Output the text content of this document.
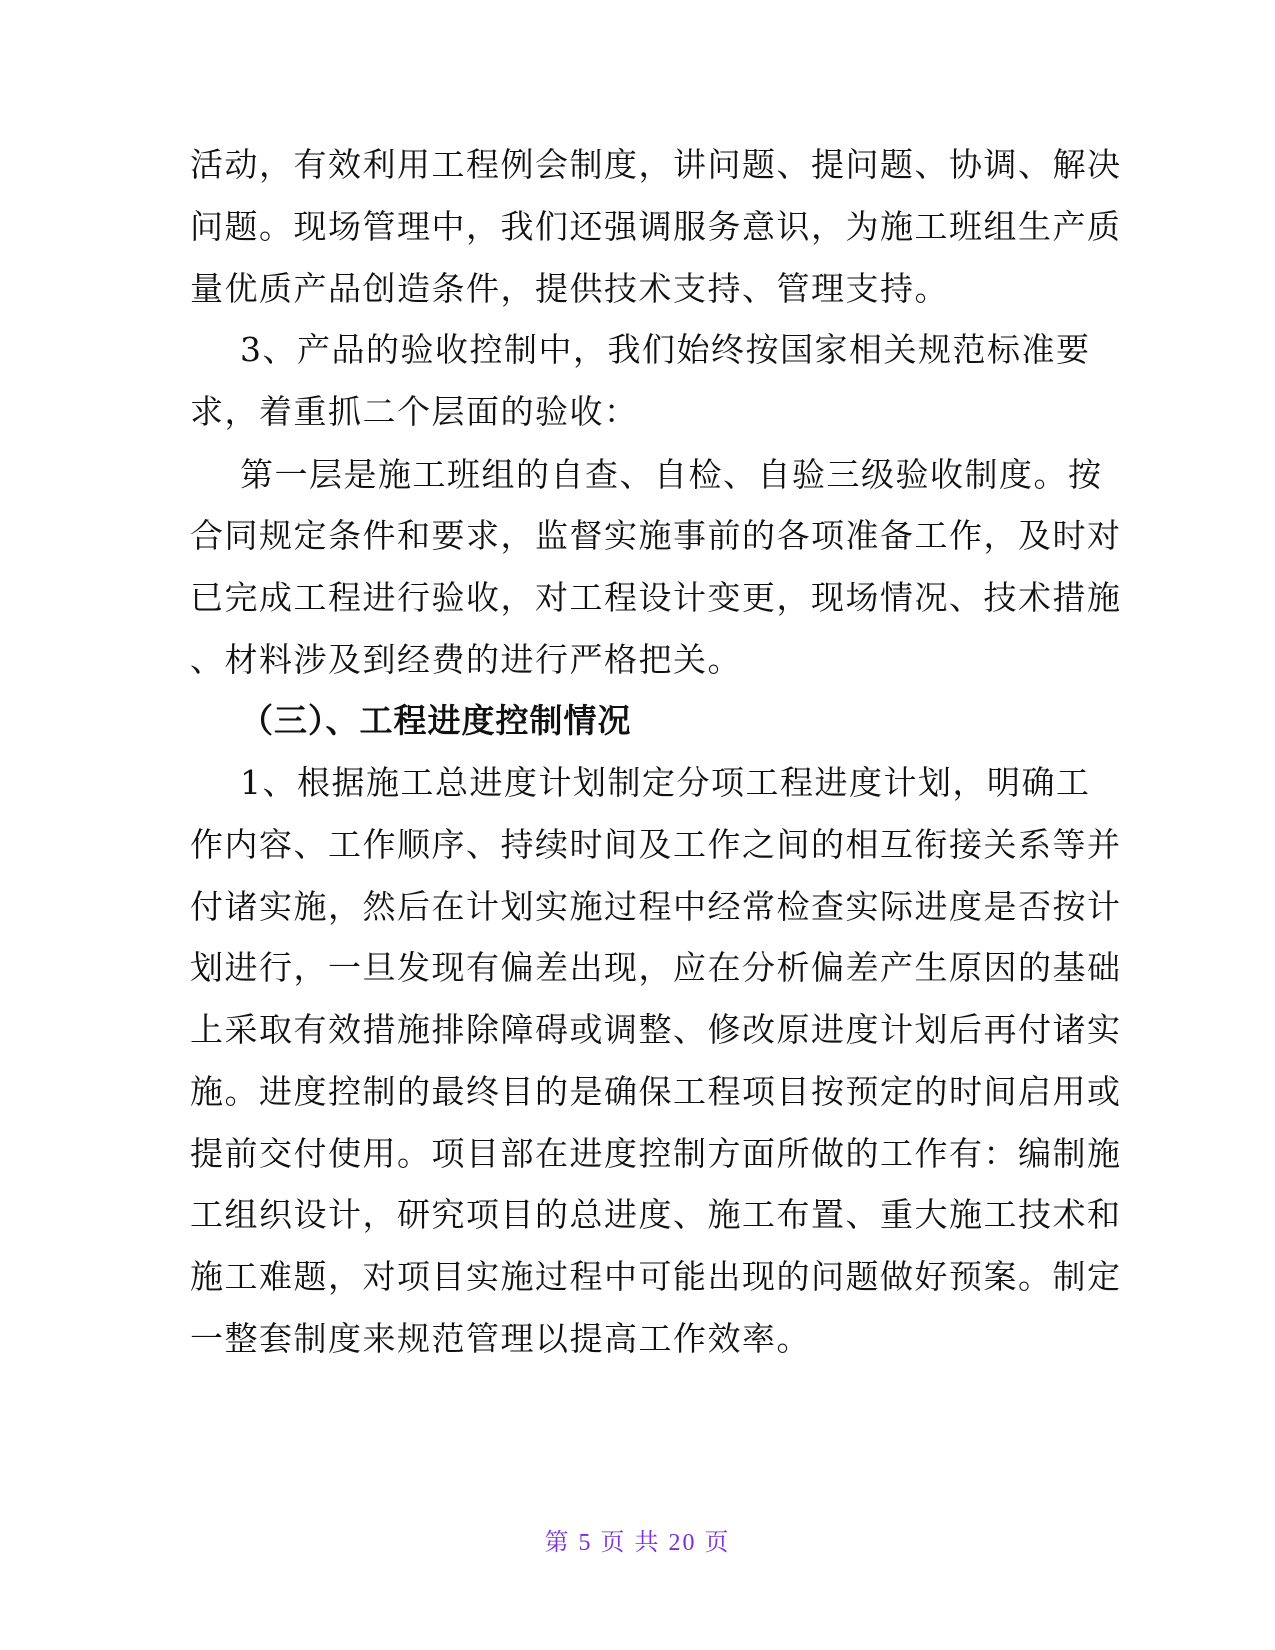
活动，有效利用工程例会制度，讲问题、提问题、协调、解决
问题。现场管理中，我们还强调服务意识，为施工班组生产质
量优质产品创造条件，提供技术支持、管理支持。
3、产品的验收控制中，我们始终按国家相关规范标准要
求，着重抓二个层面的验收：
第一层是施工班组的自查、自检、自验三级验收制度。按
合同规定条件和要求，监督实施事前的各项准备工作，及时对
已完成工程进行验收，对工程设计变更，现场情况、技术措施
、材料涉及到经费的进行严格把关。
（三）、工程进度控制情况
1、根据施工总进度计划制定分项工程进度计划，明确工
作内容、工作顺序、持续时间及工作之间的相互衔接关系等并
付诸实施，然后在计划实施过程中经常检查实际进度是否按计
划进行，一旦发现有偏差出现，应在分析偏差产生原因的基础
上采取有效措施排除障碍或调整、修改原进度计划后再付诸实
施。进度控制的最终目的是确保工程项目按预定的时间启用或
提前交付使用。项目部在进度控制方面所做的工作有：编制施
工组织设计，研究项目的总进度、施工布置、重大施工技术和
施工难题，对项目实施过程中可能出现的问题做好预案。制定
一整套制度来规范管理以提高工作效率。
第 5 页 共 20 页
